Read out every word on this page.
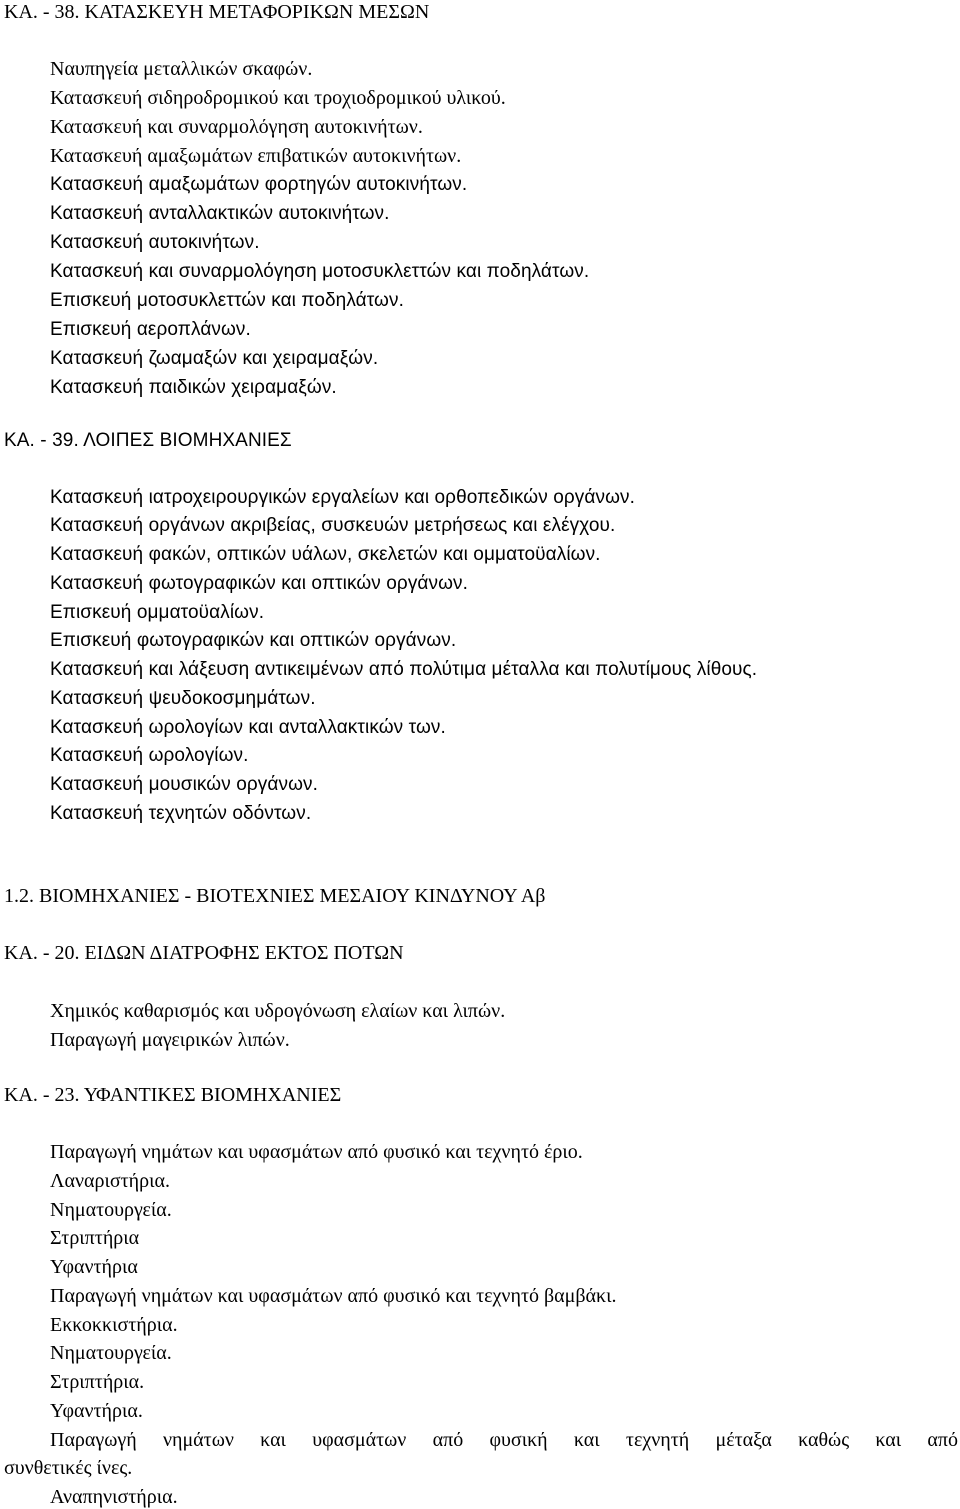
ΚΑ. - 38. ΚΑΤΑΣΚΕΥΗ ΜΕΤΑΦΟΡΙΚΩΝ ΜΕΣΩΝ
Ναυπηγεία μεταλλικών σκαφών.
Κατασκευή σιδηροδρομικού και τροχιοδρομικού υλικού.
Κατασκευή και συναρμολόγηση αυτοκινήτων.
Κατασκευή αμαξωμάτων επιβατικών αυτοκινήτων.
Κατασκευή αμαξωμάτων φορτηγών αυτοκινήτων.
Κατασκευή ανταλλακτικών αυτοκινήτων.
Κατασκευή αυτοκινήτων.
Κατασκευή και συναρμολόγηση μοτοσυκλεττών και ποδηλάτων.
Επισκευή μοτοσυκλεττών και ποδηλάτων.
Επισκευή αεροπλάνων.
Κατασκευή ζωαμαξών και χειραμαξών.
Κατασκευή παιδικών χειραμαξών.
ΚΑ. - 39. ΛΟΙΠΕΣ ΒΙΟΜΗΧΑΝΙΕΣ
Κατασκευή ιατροχειρουργικών εργαλείων και ορθοπεδικών οργάνων.
Κατασκευή οργάνων ακριβείας, συσκευών μετρήσεως και ελέγχου.
Κατασκευή φακών, οπτικών υάλων, σκελετών και ομματοϋαλίων.
Κατασκευή φωτογραφικών και οπτικών οργάνων.
Επισκευή ομματοϋαλίων.
Επισκευή φωτογραφικών και οπτικών οργάνων.
Κατασκευή και λάξευση αντικειμένων από πολύτιμα μέταλλα και πολυτίμους λίθους.
Κατασκευή ψευδοκοσμημάτων.
Κατασκευή ωρολογίων και ανταλλακτικών των.
Κατασκευή ωρολογίων.
Κατασκευή μουσικών οργάνων.
Κατασκευή τεχνητών οδόντων.
1.2. ΒΙΟΜΗΧΑΝΙΕΣ - ΒΙΟΤΕΧΝΙΕΣ ΜΕΣΑΙΟΥ ΚΙΝΔΥΝΟΥ Αβ
ΚΑ. - 20. ΕΙΔΩΝ ΔΙΑΤΡΟΦΗΣ ΕΚΤΟΣ ΠΟΤΩΝ
Χημικός καθαρισμός και υδρογόνωση ελαίων και λιπών.
Παραγωγή μαγειρικών λιπών.
ΚΑ. - 23. ΥΦΑΝΤΙΚΕΣ ΒΙΟΜΗΧΑΝΙΕΣ
Παραγωγή νημάτων και υφασμάτων από φυσικό και τεχνητό έριο.
Λαναριστήρια.
Νηματουργεία.
Στριπτήρια
Υφαντήρια
Παραγωγή νημάτων και υφασμάτων από φυσικό και τεχνητό βαμβάκι.
Εκκοκκιστήρια.
Νηματουργεία.
Στριπτήρια.
Υφαντήρια.
Παραγωγή νημάτων και υφασμάτων από φυσική και τεχνητή μέταξα καθώς και από
συνθετικές ίνες.
Αναπηνιστήρια.
